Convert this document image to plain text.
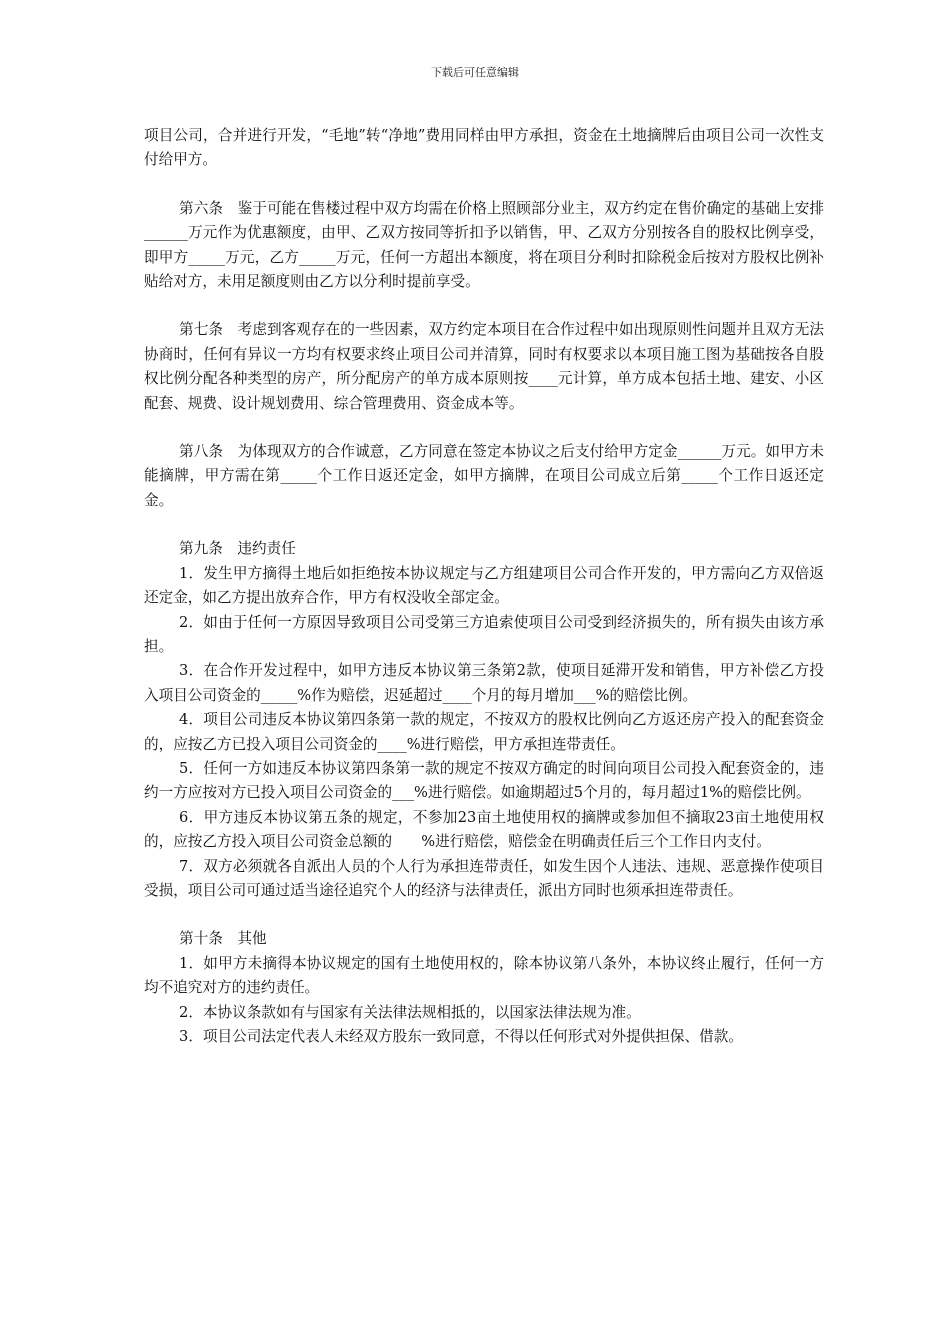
下载后可任意编辑

项目公司，合并进行开发，“毛地”转“净地”费用同样由甲方承担，资金在土地摘牌后由项目公司一次性支付给甲方。

第六条　鉴于可能在售楼过程中双方均需在价格上照顾部分业主，双方约定在售价确定的基础上安排______万元作为优惠额度，由甲、乙双方按同等折扣予以销售，甲、乙双方分别按各自的股权比例享受，即甲方_____万元，乙方_____万元，任何一方超出本额度，将在项目分利时扣除税金后按对方股权比例补贴给对方，未用足额度则由乙方以分利时提前享受。

第七条　考虑到客观存在的一些因素，双方约定本项目在合作过程中如出现原则性问题并且双方无法协商时，任何有异议一方均有权要求终止项目公司并清算，同时有权要求以本项目施工图为基础按各自股权比例分配各种类型的房产，所分配房产的单方成本原则按____元计算，单方成本包括土地、建安、小区配套、规费、设计规划费用、综合管理费用、资金成本等。

第八条　为体现双方的合作诚意，乙方同意在签定本协议之后支付给甲方定金______万元。如甲方未能摘牌，甲方需在第_____个工作日返还定金，如甲方摘牌，在项目公司成立后第_____个工作日返还定金。

第九条　违约责任

1．发生甲方摘得土地后如拒绝按本协议规定与乙方组建项目公司合作开发的，甲方需向乙方双倍返还定金，如乙方提出放弃合作，甲方有权没收全部定金。

2．如由于任何一方原因导致项目公司受第三方追索使项目公司受到经济损失的，所有损失由该方承担。

3．在合作开发过程中，如甲方违反本协议第三条第2款，使项目延滞开发和销售，甲方补偿乙方投入项目公司资金的_____%作为赔偿，迟延超过____个月的每月增加___%的赔偿比例。

4．项目公司违反本协议第四条第一款的规定，不按双方的股权比例向乙方返还房产投入的配套资金的，应按乙方已投入项目公司资金的____%进行赔偿，甲方承担连带责任。

5．任何一方如违反本协议第四条第一款的规定不按双方确定的时间向项目公司投入配套资金的，违约一方应按对方已投入项目公司资金的___%进行赔偿。如逾期超过5个月的，每月超过1%的赔偿比例。

6．甲方违反本协议第五条的规定，不参加23亩土地使用权的摘牌或参加但不摘取23亩土地使用权的，应按乙方投入项目公司资金总额的　　%进行赔偿，赔偿金在明确责任后三个工作日内支付。

7．双方必须就各自派出人员的个人行为承担连带责任，如发生因个人违法、违规、恶意操作使项目受损，项目公司可通过适当途径追究个人的经济与法律责任，派出方同时也须承担连带责任。

第十条　其他

1．如甲方未摘得本协议规定的国有土地使用权的，除本协议第八条外，本协议终止履行，任何一方均不追究对方的违约责任。

2．本协议条款如有与国家有关法律法规相抵的，以国家法律法规为准。

3．项目公司法定代表人未经双方股东一致同意，不得以任何形式对外提供担保、借款。
